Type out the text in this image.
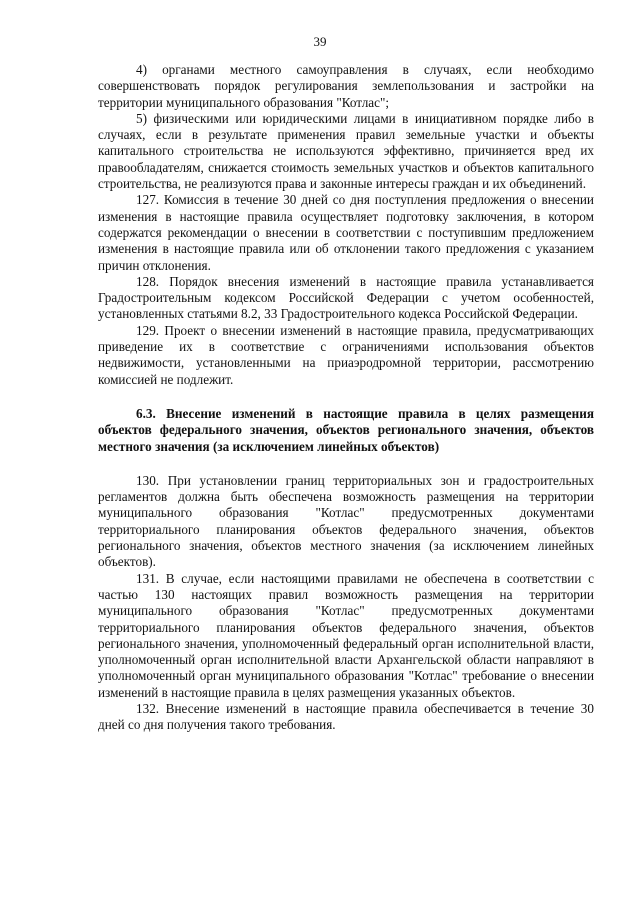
39

4) органами местного самоуправления в случаях, если необходимо совершенствовать порядок регулирования землепользования и застройки на территории муниципального образования "Котлас";

5) физическими или юридическими лицами в инициативном порядке либо в случаях, если в результате применения правил земельные участки и объекты капитального строительства не используются эффективно, причиняется вред их правообладателям, снижается стоимость земельных участков и объектов капитального строительства, не реализуются права и законные интересы граждан и их объединений.

127. Комиссия в течение 30 дней со дня поступления предложения о внесении изменения в настоящие правила осуществляет подготовку заключения, в котором содержатся рекомендации о внесении в соответствии с поступившим предложением изменения в настоящие правила или об отклонении такого предложения с указанием причин отклонения.

128. Порядок внесения изменений в настоящие правила устанавливается Градостроительным кодексом Российской Федерации с учетом особенностей, установленных статьями 8.2, 33 Градостроительного кодекса Российской Федерации.

129. Проект о внесении изменений в настоящие правила, предусматривающих приведение их в соответствие с ограничениями использования объектов недвижимости, установленными на приаэродромной территории, рассмотрению комиссией не подлежит.

6.3. Внесение изменений в настоящие правила в целях размещения объектов федерального значения, объектов регионального значения, объектов местного значения (за исключением линейных объектов)

130. При установлении границ территориальных зон и градостроительных регламентов должна быть обеспечена возможность размещения на территории муниципального образования "Котлас" предусмотренных документами территориального планирования объектов федерального значения, объектов регионального значения, объектов местного значения (за исключением линейных объектов).

131. В случае, если настоящими правилами не обеспечена в соответствии с частью 130 настоящих правил возможность размещения на территории муниципального образования "Котлас" предусмотренных документами территориального планирования объектов федерального значения, объектов регионального значения, уполномоченный федеральный орган исполнительной власти, уполномоченный орган исполнительной власти Архангельской области направляют в уполномоченный орган муниципального образования "Котлас" требование о внесении изменений в настоящие правила в целях размещения указанных объектов.

132. Внесение изменений в настоящие правила обеспечивается в течение 30 дней со дня получения такого требования.
